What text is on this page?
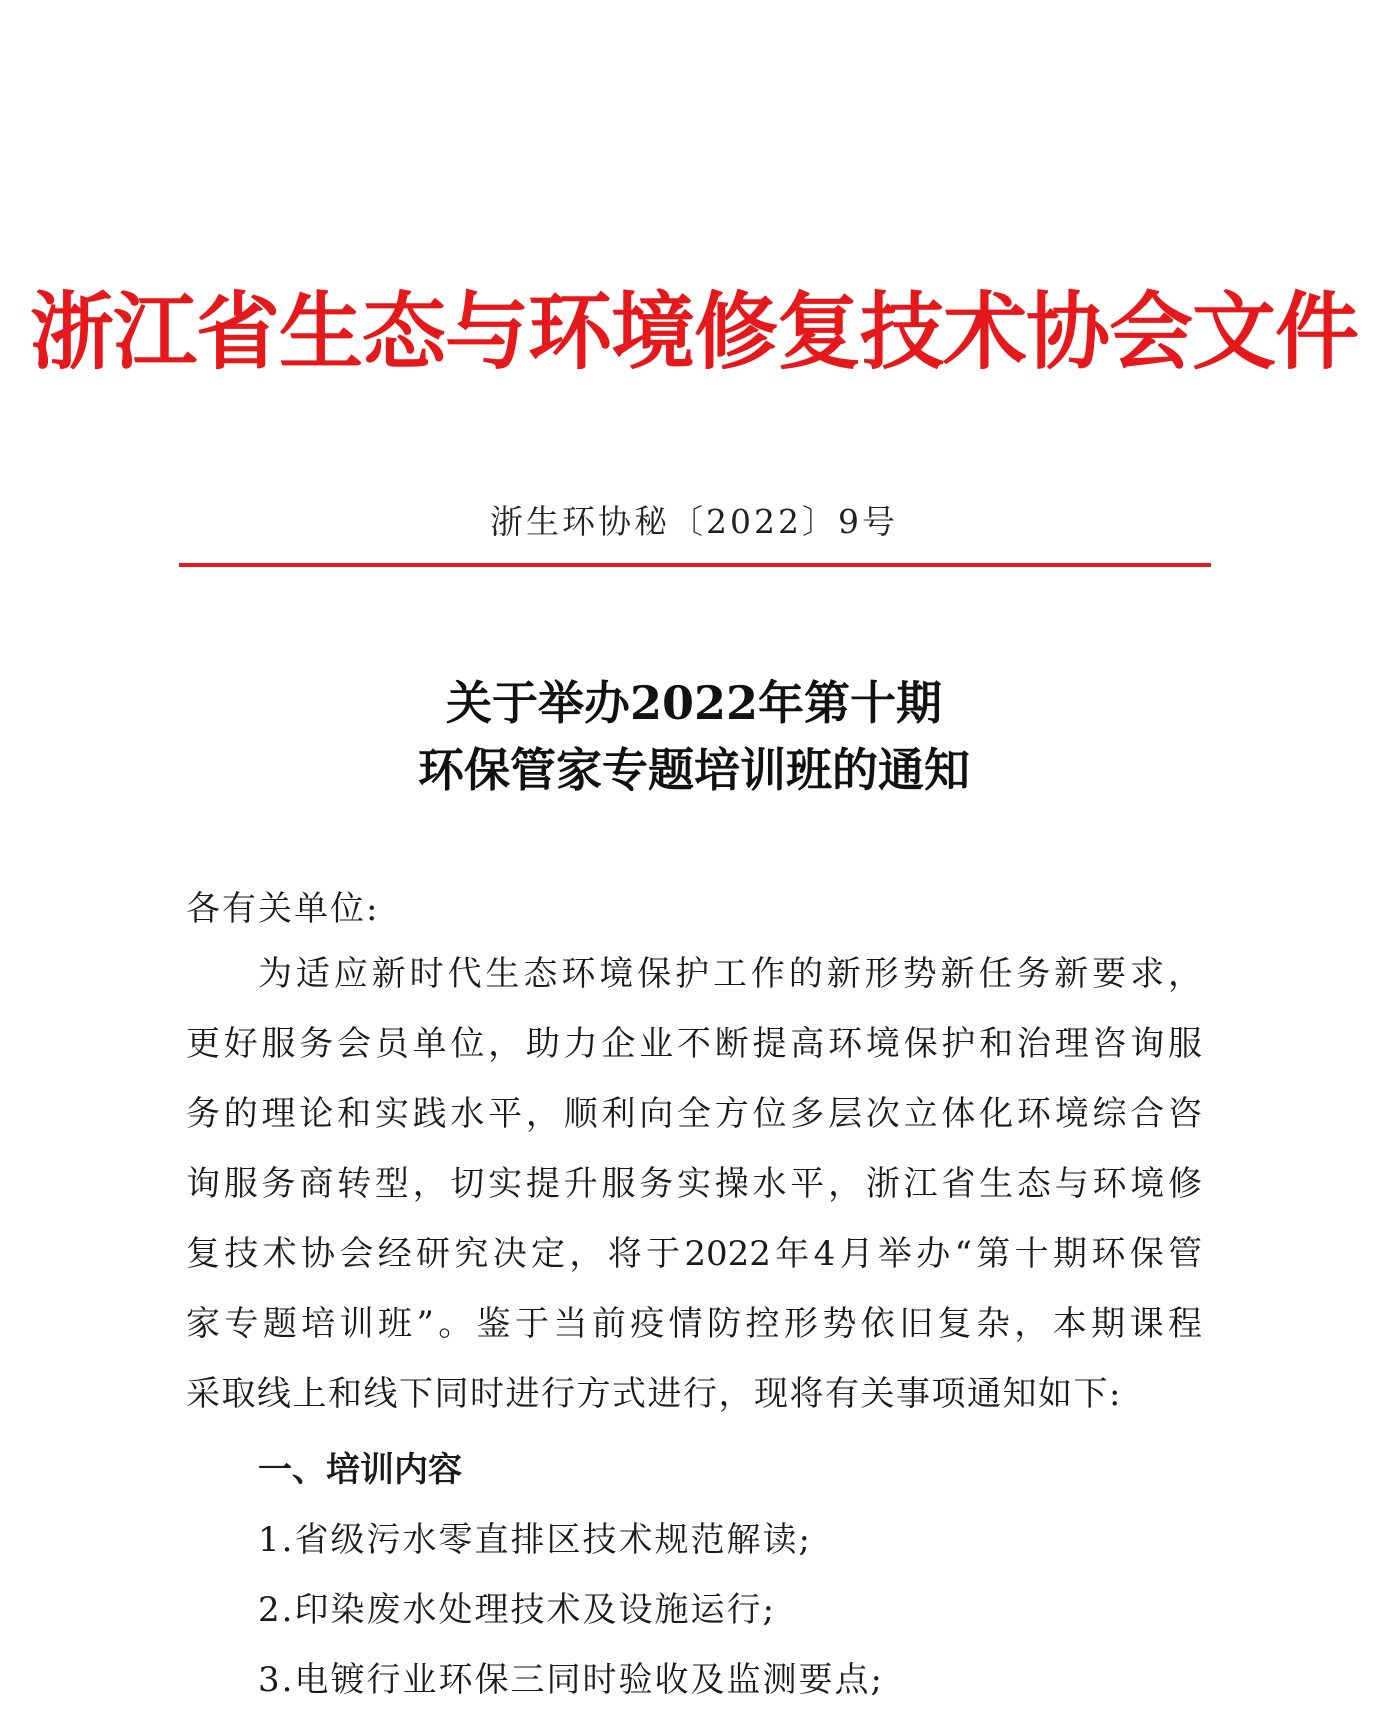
浙江省生态与环境修复技术协会文件
浙生环协秘〔2022〕9号
关于举办2022年第十期
环保管家专题培训班的通知
各有关单位:
为适应新时代生态环境保护工作的新形势新任务新要求，
更好服务会员单位，助力企业不断提高环境保护和治理咨询服
务的理论和实践水平，顺利向全方位多层次立体化环境综合咨
询服务商转型，切实提升服务实操水平，浙江省生态与环境修
复技术协会经研究决定，将于2022年4月举办“第十期环保管
家专题培训班”。鉴于当前疫情防控形势依旧复杂，本期课程
采取线上和线下同时进行方式进行，现将有关事项通知如下:
一、培训内容
1.省级污水零直排区技术规范解读;
2.印染废水处理技术及设施运行;
3.电镀行业环保三同时验收及监测要点;
